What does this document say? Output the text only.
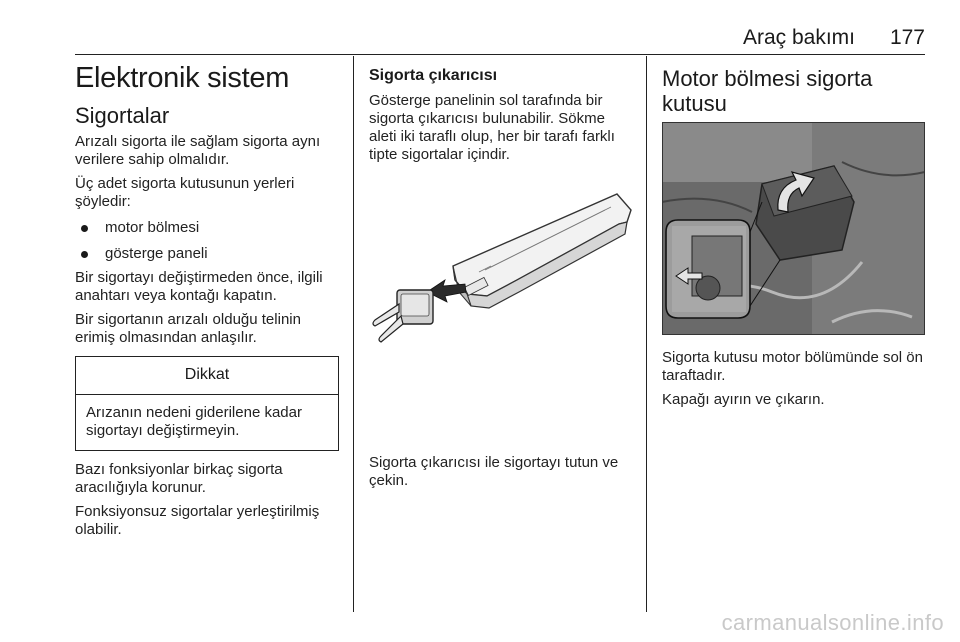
Araç bakımı 177
Elektronik sistem
Sigortalar
Arızalı sigorta ile sağlam sigorta aynı verilere sahip olmalıdır.
Üç adet sigorta kutusunun yerleri şöyledir:
motor bölmesi
gösterge paneli
Bir sigortayı değiştirmeden önce, ilgili anahtarı veya kontağı kapatın.
Bir sigortanın arızalı olduğu telinin erimiş olmasından anlaşılır.
Dikkat
Arızanın nedeni giderilene kadar sigortayı değiştirmeyin.
Bazı fonksiyonlar birkaç sigorta aracılığıyla korunur.
Fonksiyonsuz sigortalar yerleştirilmiş olabilir.
Sigorta çıkarıcısı
Gösterge panelinin sol tarafında bir sigorta çıkarıcısı bulunabilir. Sökme aleti iki taraflı olup, her bir tarafı farklı tipte sigortalar içindir.
Sigorta çıkarıcısı ile sigortayı tutun ve çekin.
Motor bölmesi sigorta kutusu
Sigorta kutusu motor bölümünde sol ön taraftadır.
Kapağı ayırın ve çıkarın.
carmanualsonline.info
